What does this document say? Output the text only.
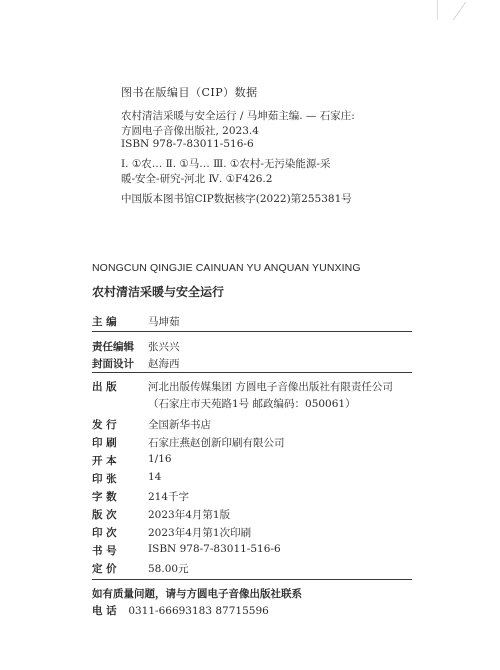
图书在版编目（CIP）数据
农村清洁采暖与安全运行 / 马坤茹主编. — 石家庄:
方圆电子音像出版社, 2023.4
ISBN 978-7-83011-516-6
Ⅰ. ①农… Ⅱ. ①马… Ⅲ. ①农村-无污染能源-采
暖-安全-研究-河北 Ⅳ. ①F426.2
中国版本图书馆CIP数据核字(2022)第255381号
NONGCUN QINGJIE CAINUAN YU ANQUAN YUNXING
农村清洁采暖与安全运行
主 编	马坤茹
责任编辑 张兴兴
封面设计 赵海西
出 版	河北出版传媒集团 方圆电子音像出版社有限责任公司
（石家庄市天苑路1号 邮政编码：050061）
发 行	全国新华书店
印 刷	石家庄燕赵创新印刷有限公司
开 本	1/16
印 张	14
字 数	214千字
版 次	2023年4月第1版
印 次	2023年4月第1次印刷
书 号	ISBN 978-7-83011-516-6
定 价	58.00元
如有质量问题，请与方圆电子音像出版社联系
电 话 0311-66693183 87715596
